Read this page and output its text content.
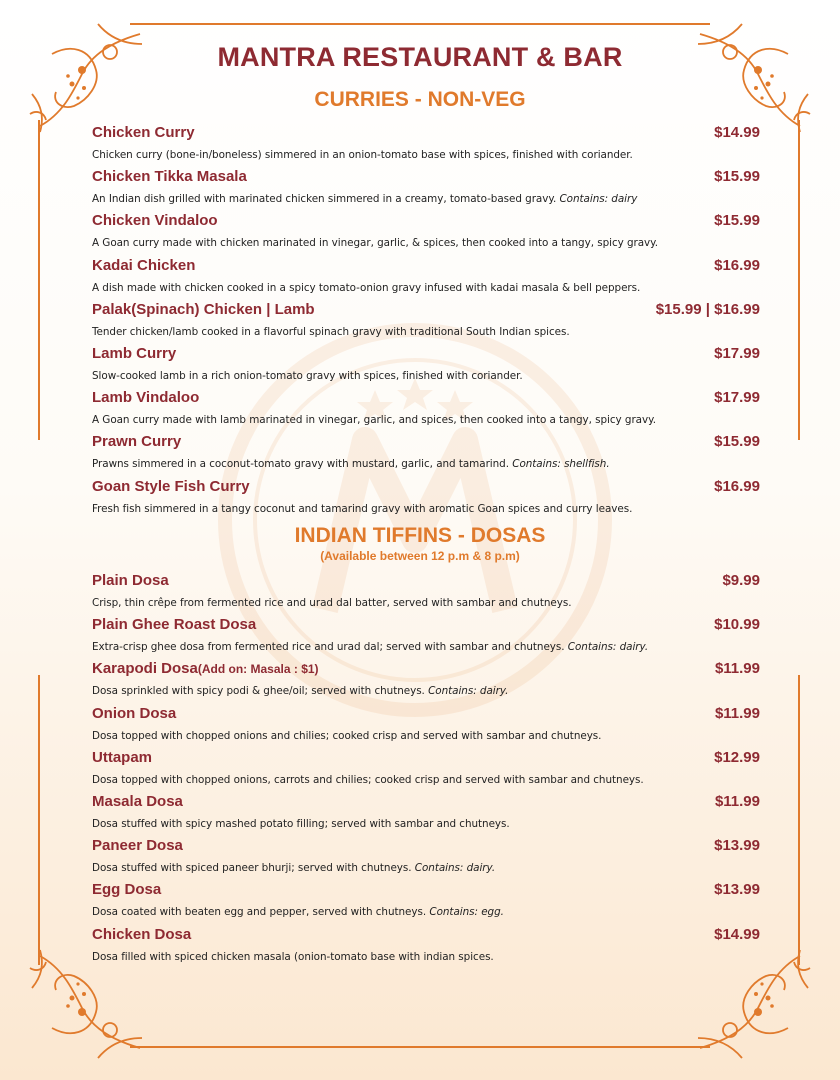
MANTRA RESTAURANT & BAR
CURRIES - NON-VEG
Chicken Curry	$14.99
Chicken curry (bone-in/boneless) simmered in an onion-tomato base with spices, finished with coriander.
Chicken Tikka Masala	$15.99
An Indian dish grilled with marinated chicken simmered in a creamy, tomato-based gravy. Contains: dairy
Chicken Vindaloo	$15.99
A Goan curry made with chicken marinated in vinegar, garlic, & spices, then cooked into a tangy, spicy gravy.
Kadai Chicken	$16.99
A dish made with chicken cooked in a spicy tomato-onion gravy infused with kadai masala & bell peppers.
Palak(Spinach) Chicken | Lamb	$15.99 | $16.99
Tender chicken/lamb cooked in a flavorful spinach gravy with traditional South Indian spices.
Lamb Curry	$17.99
Slow-cooked lamb in a rich onion-tomato gravy with spices, finished with coriander.
Lamb Vindaloo	$17.99
A Goan curry made with lamb marinated in vinegar, garlic, and spices, then cooked into a tangy, spicy gravy.
Prawn Curry	$15.99
Prawns simmered in a coconut-tomato gravy with mustard, garlic, and tamarind. Contains: shellfish.
Goan Style Fish Curry	$16.99
Fresh fish simmered in a tangy coconut and tamarind gravy with aromatic Goan spices and curry leaves.
INDIAN TIFFINS - DOSAS
(Available between 12 p.m & 8 p.m)
Plain Dosa	$9.99
Crisp, thin crêpe from fermented rice and urad dal batter, served with sambar and chutneys.
Plain Ghee Roast Dosa	$10.99
Extra-crisp ghee dosa from fermented rice and urad dal; served with sambar and chutneys. Contains: dairy.
Karapodi Dosa(Add on: Masala : $1)	$11.99
Dosa sprinkled with spicy podi & ghee/oil; served with chutneys. Contains: dairy.
Onion Dosa	$11.99
Dosa topped with chopped onions and chilies; cooked crisp and served with sambar and chutneys.
Uttapam	$12.99
Dosa topped with chopped onions, carrots and chilies; cooked crisp and served with sambar and chutneys.
Masala Dosa	$11.99
Dosa stuffed with spicy mashed potato filling; served with sambar and chutneys.
Paneer Dosa	$13.99
Dosa stuffed with spiced paneer bhurji; served with chutneys. Contains: dairy.
Egg Dosa	$13.99
Dosa coated with beaten egg and pepper, served with chutneys. Contains: egg.
Chicken Dosa	$14.99
Dosa filled with spiced chicken masala (onion-tomato base with indian spices.
